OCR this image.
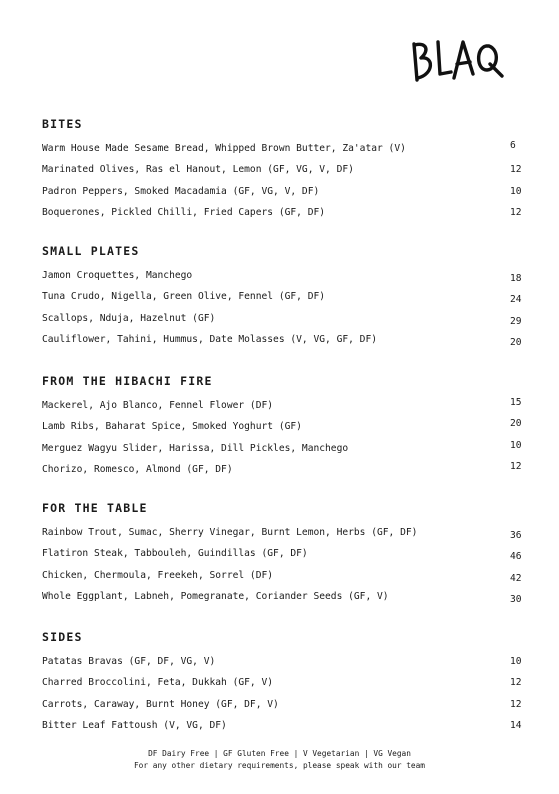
BITES
Warm House Made Sesame Bread, Whipped Brown Butter, Za'atar (V)	6
Marinated Olives, Ras el Hanout, Lemon (GF, VG, V, DF)	12
Padron Peppers, Smoked Macadamia (GF, VG, V, DF)	10
Boquerones, Pickled Chilli, Fried Capers (GF, DF)	12
SMALL PLATES
Jamon Croquettes, Manchego	18
Tuna Crudo, Nigella, Green Olive, Fennel (GF, DF)	24
Scallops, Nduja, Hazelnut (GF)	29
Cauliflower, Tahini, Hummus, Date Molasses (V, VG, GF, DF)	20
FROM THE HIBACHI FIRE
Mackerel, Ajo Blanco, Fennel Flower (DF)	15
Lamb Ribs, Baharat Spice, Smoked Yoghurt (GF)	20
Merguez Wagyu Slider, Harissa, Dill Pickles, Manchego	10
Chorizo, Romesco, Almond (GF, DF)	12
FOR THE TABLE
Rainbow Trout, Sumac, Sherry Vinegar, Burnt Lemon, Herbs (GF, DF)	36
Flatiron Steak, Tabbouleh, Guindillas (GF, DF)	46
Chicken, Chermoula, Freekeh, Sorrel (DF)	42
Whole Eggplant, Labneh, Pomegranate, Coriander Seeds (GF, V)	30
SIDES
Patatas Bravas (GF, DF, VG, V)	10
Charred Broccolini, Feta, Dukkah (GF, V)	12
Carrots, Caraway, Burnt Honey (GF, DF, V)	12
Bitter Leaf Fattoush (V, VG, DF)	14
DF Dairy Free | GF Gluten Free | V Vegetarian | VG Vegan
For any other dietary requirements, please speak with our team
